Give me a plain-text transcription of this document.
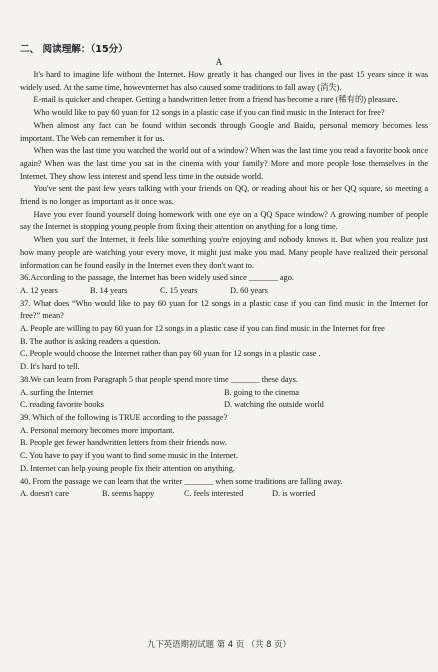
二、 阅读理解：（15分）
A

It's hard to imagine life without the Internet. How greatly it has changed our lives in the past 15 years since it was widely used. At the same time, howevnternet has also caused some traditions to fall away (消失).

E-mail is quicker and cheaper. Getting a handwritten letter from a friend has become a rare (稀有的) pleasure.

Who would like to pay 60 yuan for 12 songs in a plastic case if you can find music in the Interact for free?

When almost any fact can be found within seconds through Google and Baidu, personal memory becomes less important. The Web can remember it for us.

When was the last time you watched the world out of a window? When was the last time you read a favorite book once again? When was the last time you sat in the cinema with your family? More and more people lose themselves in the Internet. They show less interest and spend less time in the outside world.

You've sent the past few years talking with your friends on QQ, or reading about his or her QQ square, so meeting a friend is no longer as important as it once was.

Have you ever found yourself doing homework with one eye on a QQ Space window? A growing number of people say the Internet is stopping young people from fixing their attention on anything for a long time.

When you surf the Internet, it feels like something you're enjoying and nobody knows it. But when you realize just how many people are watching your every move, it might just make you mad. Many people have realized their personal information can be found easily in the Internet even they don't want to.

36.According to the passage, the Internet has been widely used since _______ ago.

A. 12 years	B. 14 years	C. 15 years	D. 60 years

37. What does “Who would like to pay 60 yuan for 12 songs in a plastic case if you can find music in the Internet for free?” mean?

A. People are willing to pay 60 yuan for 12 songs in a plastic case if you can find music in the Internet for free

B. The author is asking readers a question.

C. People would choose the Internet rather than pay 60 yuan for 12 songs in a plastic case .

D. It's hard to tell.

38.We can learn from Paragraph 5 that people spend more time _______ these days.

A. surfing the Internet	B. going to the cinema
C. reading favorite books	D. watching the outside world

39. Which of the following is TRUE according to the passage?

A. Personal memory becomes more important.

B. People get fewer handwritten letters from their friends now.

C. You have to pay if you want to find some music in the Internet.

D. Internet can help young people fix their attention on anything.

40. From the passage we can learn that the writer _______ when some traditions are falling away.

A. doesn't care	B. seems happy	C. feels interested	D. is worried
九下英语期初试题 第 4 页 （共 8 页）
